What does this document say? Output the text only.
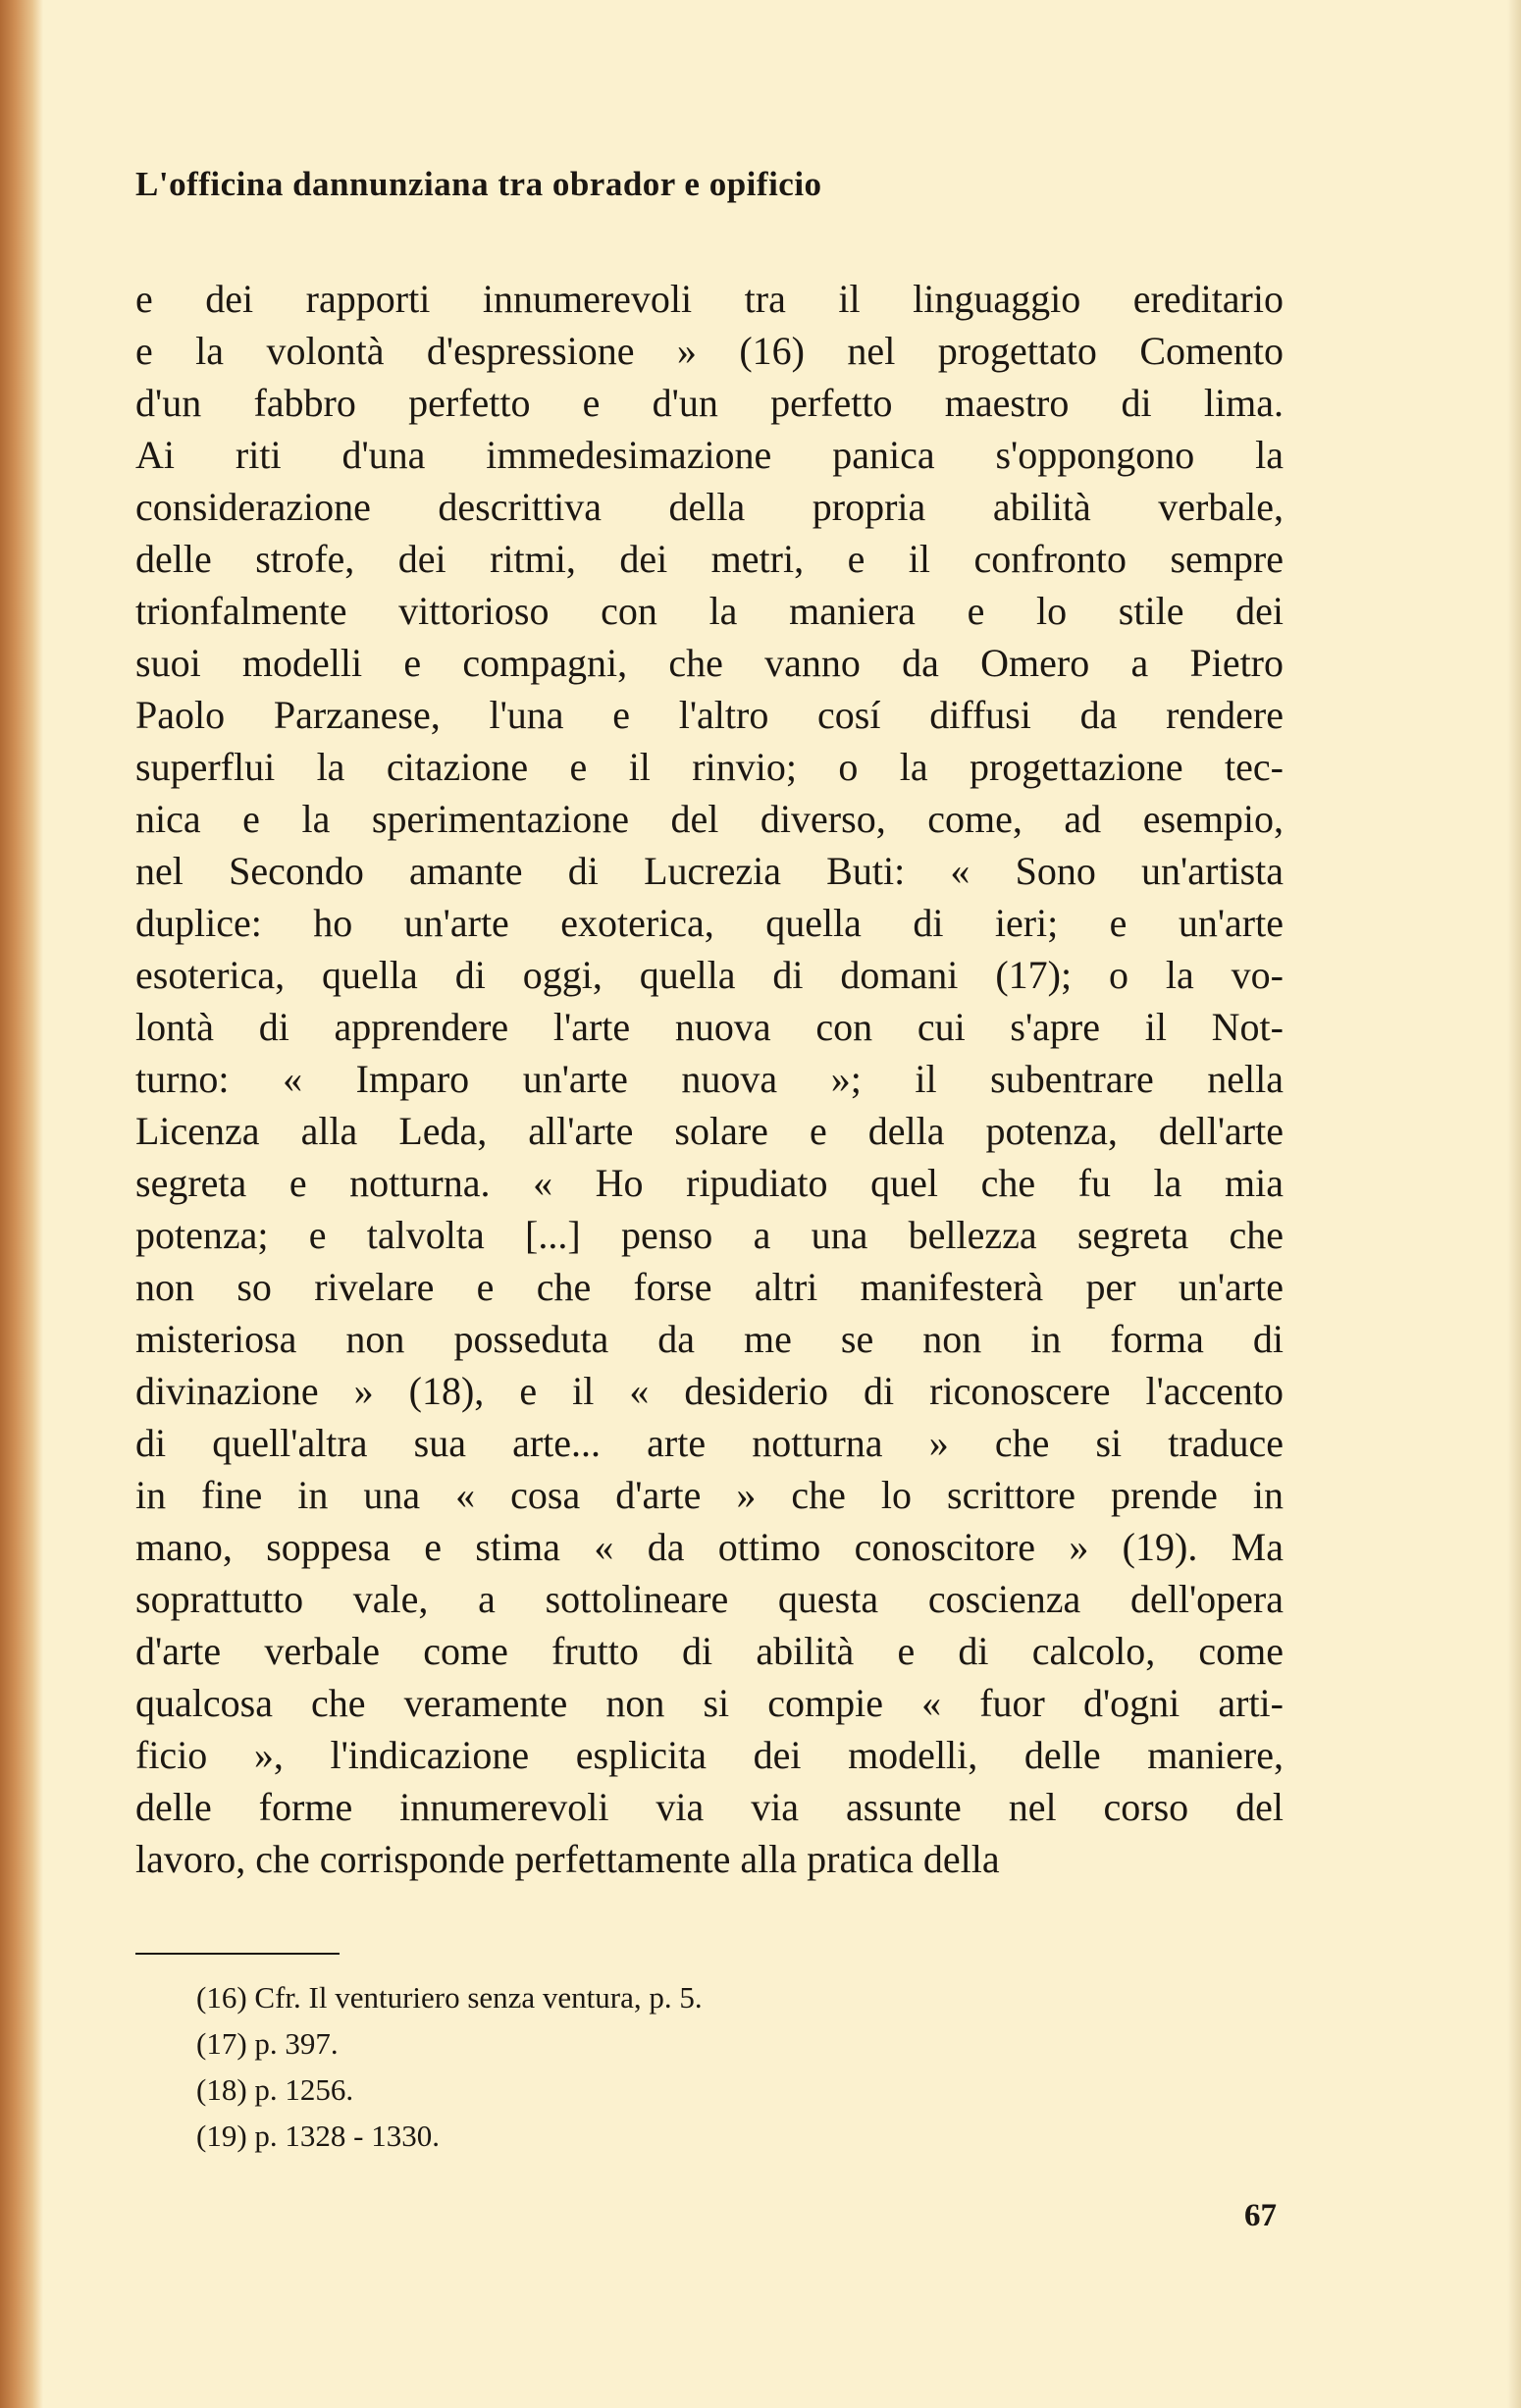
L'officina dannunziana tra obrador e opificio
e dei rapporti innumerevoli tra il linguaggio ereditario
e la volontà d'espressione » (16) nel progettato Comento
d'un fabbro perfetto e d'un perfetto maestro di lima.
Ai riti d'una immedesimazione panica s'oppongono la
considerazione descrittiva della propria abilità verbale,
delle strofe, dei ritmi, dei metri, e il confronto sempre
trionfalmente vittorioso con la maniera e lo stile dei
suoi modelli e compagni, che vanno da Omero a Pietro
Paolo Parzanese, l'una e l'altro cosí diffusi da rendere
superflui la citazione e il rinvio; o la progettazione tec-
nica e la sperimentazione del diverso, come, ad esempio,
nel Secondo amante di Lucrezia Buti: « Sono un'artista
duplice: ho un'arte exoterica, quella di ieri; e un'arte
esoterica, quella di oggi, quella di domani (17); o la vo-
lontà di apprendere l'arte nuova con cui s'apre il Not-
turno: « Imparo un'arte nuova »; il subentrare nella
Licenza alla Leda, all'arte solare e della potenza, dell'arte
segreta e notturna. « Ho ripudiato quel che fu la mia
potenza; e talvolta [...] penso a una bellezza segreta che
non so rivelare e che forse altri manifesterà per un'arte
misteriosa non posseduta da me se non in forma di
divinazione » (18), e il « desiderio di riconoscere l'accento
di quell'altra sua arte... arte notturna » che si traduce
in fine in una « cosa d'arte » che lo scrittore prende in
mano, soppesa e stima « da ottimo conoscitore » (19). Ma
soprattutto vale, a sottolineare questa coscienza dell'opera
d'arte verbale come frutto di abilità e di calcolo, come
qualcosa che veramente non si compie « fuor d'ogni arti-
ficio », l'indicazione esplicita dei modelli, delle maniere,
delle forme innumerevoli via via assunte nel corso del
lavoro, che corrisponde perfettamente alla pratica della
(16) Cfr. Il venturiero senza ventura, p. 5.
(17) p. 397.
(18) p. 1256.
(19) p. 1328 - 1330.
67
